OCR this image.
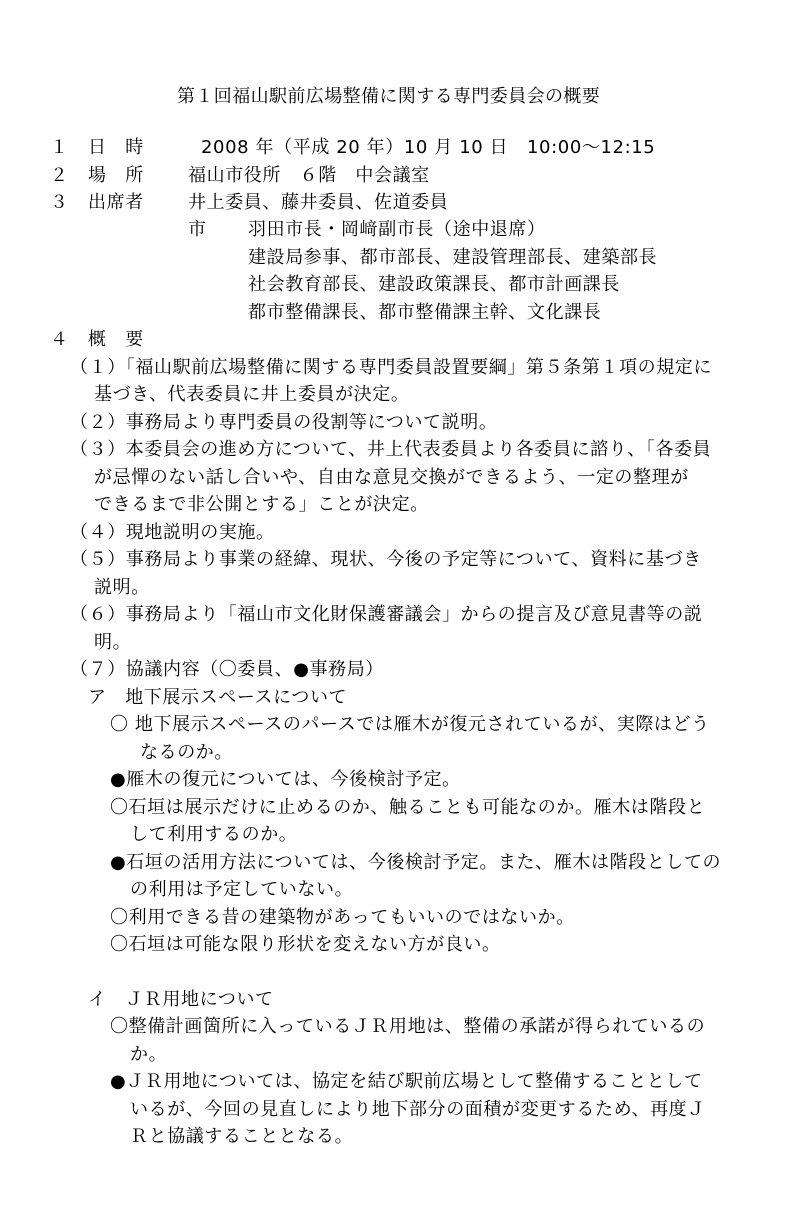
第１回福山駅前広場整備に関する専門委員会の概要
１ 日　時	2008 年（平成 20 年）10 月 10 日 10:00～12:15
２ 場　所 福山市役所　６階　中会議室
３ 出席者 井上委員、藤井委員、佐道委員
市 羽田市長・岡﨑副市長（途中退席）
建設局参事、都市部長、建設管理部長、建築部長
社会教育部長、建設政策課長、都市計画課長
都市整備課長、都市整備課主幹、文化課長
４ 概　要
（１）「福山駅前広場整備に関する専門委員設置要綱」第５条第１項の規定に
基づき、代表委員に井上委員が決定。
（２）事務局より専門委員の役割等について説明。
（３）本委員会の進め方について、井上代表委員より各委員に諮り、「各委員
が忌憚のない話し合いや、自由な意見交換ができるよう、一定の整理が
できるまで非公開とする」ことが決定。
（４）現地説明の実施。
（５）事務局より事業の経緯、現状、今後の予定等について、資料に基づき
説明。
（６）事務局より「福山市文化財保護審議会」からの提言及び意見書等の説
明。
（７）協議内容（〇委員、●事務局）
ア　地下展示スペースについて
〇 地下展示スペースのパースでは雁木が復元されているが、実際はどう
なるのか。
●雁木の復元については、今後検討予定。
〇石垣は展示だけに止めるのか、触ることも可能なのか。雁木は階段と
して利用するのか。
●石垣の活用方法については、今後検討予定。また、雁木は階段としての
の利用は予定していない。
〇利用できる昔の建築物があってもいいのではないか。
〇石垣は可能な限り形状を変えない方が良い。
イ　ＪＲ用地について
〇整備計画箇所に入っているＪＲ用地は、整備の承諾が得られているの
か。
●ＪＲ用地については、協定を結び駅前広場として整備することとして
いるが、今回の見直しにより地下部分の面積が変更するため、再度Ｊ
Ｒと協議することとなる。
